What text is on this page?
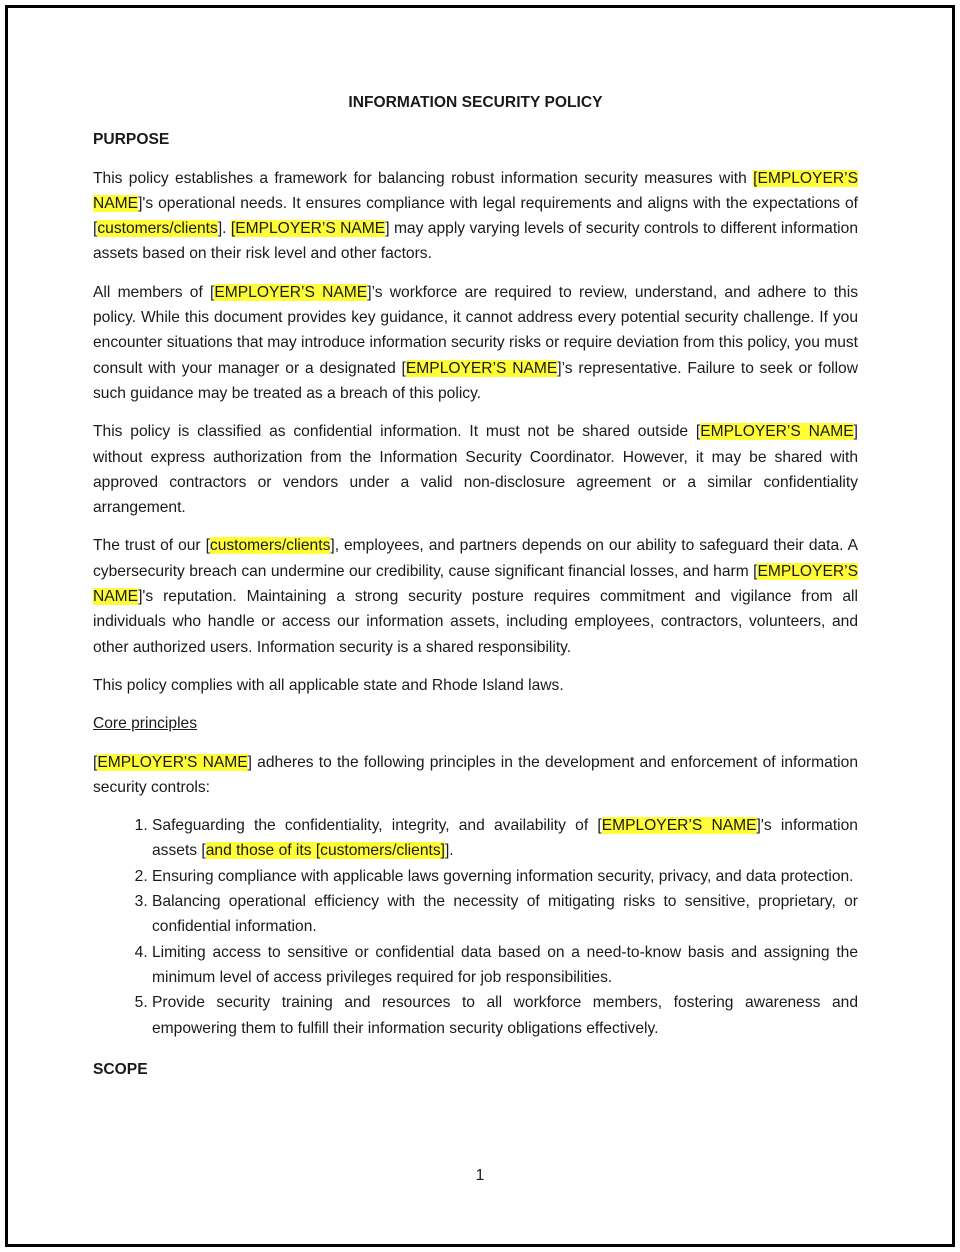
INFORMATION SECURITY POLICY
PURPOSE

This policy establishes a framework for balancing robust information security measures with [EMPLOYER’S NAME]'s operational needs. It ensures compliance with legal requirements and aligns with the expectations of [customers/clients]. [EMPLOYER’S NAME] may apply varying levels of security controls to different information assets based on their risk level and other factors.

All members of [EMPLOYER’S NAME]’s workforce are required to review, understand, and adhere to this policy. While this document provides key guidance, it cannot address every potential security challenge. If you encounter situations that may introduce information security risks or require deviation from this policy, you must consult with your manager or a designated [EMPLOYER’S NAME]’s representative. Failure to seek or follow such guidance may be treated as a breach of this policy.

This policy is classified as confidential information. It must not be shared outside [EMPLOYER’S NAME] without express authorization from the Information Security Coordinator. However, it may be shared with approved contractors or vendors under a valid non-disclosure agreement or a similar confidentiality arrangement.

The trust of our [customers/clients], employees, and partners depends on our ability to safeguard their data. A cybersecurity breach can undermine our credibility, cause significant financial losses, and harm [EMPLOYER’S NAME]'s reputation. Maintaining a strong security posture requires commitment and vigilance from all individuals who handle or access our information assets, including employees, contractors, volunteers, and other authorized users. Information security is a shared responsibility.

This policy complies with all applicable state and Rhode Island laws.

Core principles

[EMPLOYER'S NAME] adheres to the following principles in the development and enforcement of information security controls:

1. Safeguarding the confidentiality, integrity, and availability of [EMPLOYER’S NAME]'s information assets [and those of its [customers/clients]].
2. Ensuring compliance with applicable laws governing information security, privacy, and data protection.
3. Balancing operational efficiency with the necessity of mitigating risks to sensitive, proprietary, or confidential information.
4. Limiting access to sensitive or confidential data based on a need-to-know basis and assigning the minimum level of access privileges required for job responsibilities.
5. Provide security training and resources to all workforce members, fostering awareness and empowering them to fulfill their information security obligations effectively.
SCOPE
1
